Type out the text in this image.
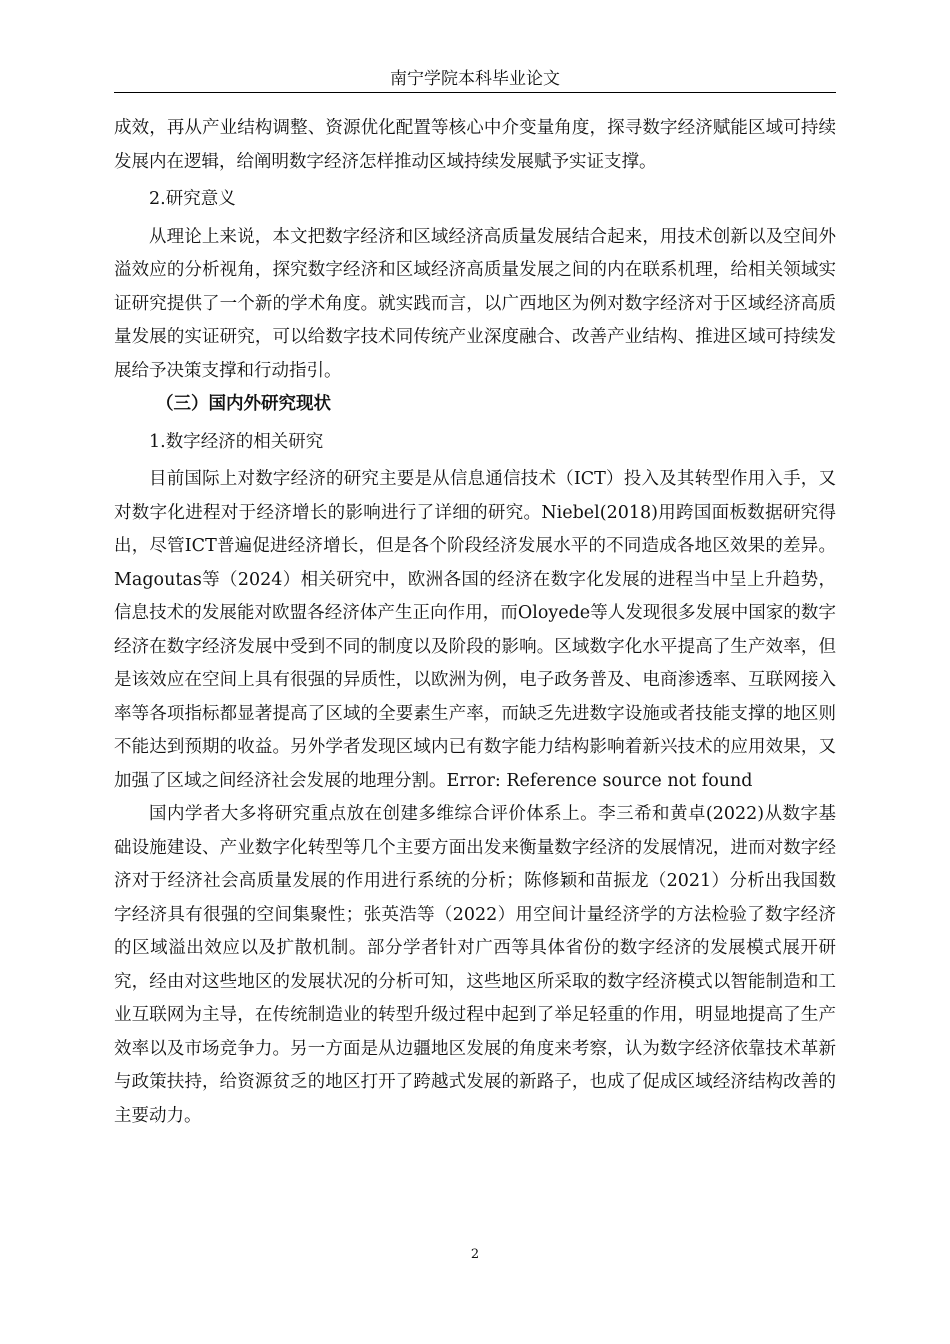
南宁学院本科毕业论文

成效，再从产业结构调整、资源优化配置等核心中介变量角度，探寻数字经济赋能区域可持续发展内在逻辑，给阐明数字经济怎样推动区域持续发展赋予实证支撑。

2.研究意义

从理论上来说，本文把数字经济和区域经济高质量发展结合起来，用技术创新以及空间外溢效应的分析视角，探究数字经济和区域经济高质量发展之间的内在联系机理，给相关领域实证研究提供了一个新的学术角度。就实践而言，以广西地区为例对数字经济对于区域经济高质量发展的实证研究，可以给数字技术同传统产业深度融合、改善产业结构、推进区域可持续发展给予决策支撑和行动指引。

（三）国内外研究现状

1.数字经济的相关研究

目前国际上对数字经济的研究主要是从信息通信技术（ICT）投入及其转型作用入手，又对数字化进程对于经济增长的影响进行了详细的研究。Niebel(2018)用跨国面板数据研究得出，尽管ICT普遍促进经济增长，但是各个阶段经济发展水平的不同造成各地区效果的差异。Magoutas等（2024）相关研究中，欧洲各国的经济在数字化发展的进程当中呈上升趋势，信息技术的发展能对欧盟各经济体产生正向作用，而Oloyede等人发现很多发展中国家的数字经济在数字经济发展中受到不同的制度以及阶段的影响。区域数字化水平提高了生产效率，但是该效应在空间上具有很强的异质性，以欧洲为例，电子政务普及、电商渗透率、互联网接入率等各项指标都显著提高了区域的全要素生产率，而缺乏先进数字设施或者技能支撑的地区则不能达到预期的收益。另外学者发现区域内已有数字能力结构影响着新兴技术的应用效果，又加强了区域之间经济社会发展的地理分割。Error: Reference source not found

国内学者大多将研究重点放在创建多维综合评价体系上。李三希和黄卓(2022)从数字基础设施建设、产业数字化转型等几个主要方面出发来衡量数字经济的发展情况，进而对数字经济对于经济社会高质量发展的作用进行系统的分析；陈修颖和苗振龙（2021）分析出我国数字经济具有很强的空间集聚性；张英浩等（2022）用空间计量经济学的方法检验了数字经济的区域溢出效应以及扩散机制。部分学者针对广西等具体省份的数字经济的发展模式展开研究，经由对这些地区的发展状况的分析可知，这些地区所采取的数字经济模式以智能制造和工业互联网为主导，在传统制造业的转型升级过程中起到了举足轻重的作用，明显地提高了生产效率以及市场竞争力。另一方面是从边疆地区发展的角度来考察，认为数字经济依靠技术革新与政策扶持，给资源贫乏的地区打开了跨越式发展的新路子，也成了促成区域经济结构改善的主要动力。

2
